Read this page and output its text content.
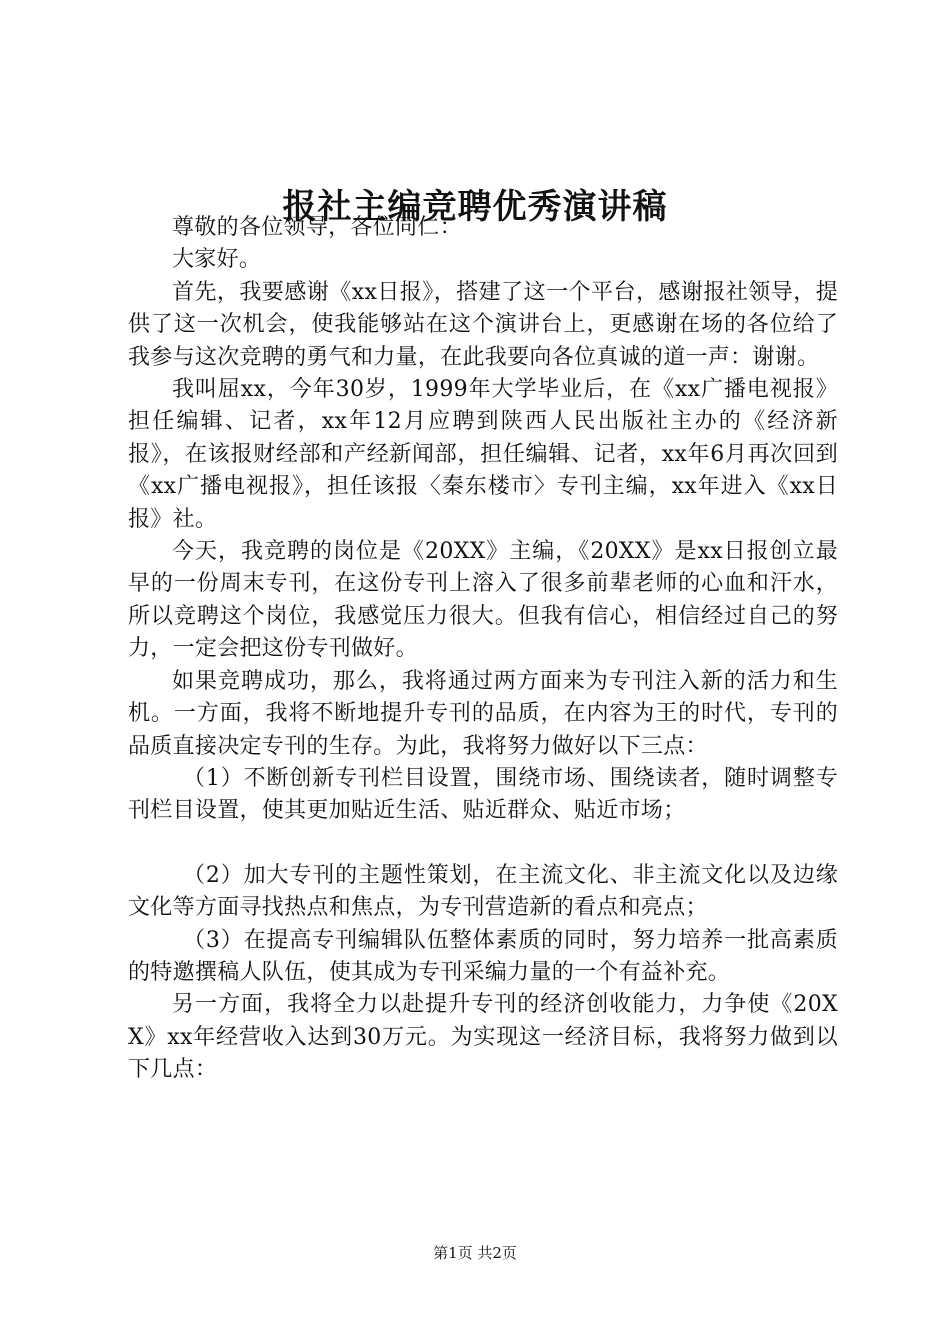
报社主编竞聘优秀演讲稿

尊敬的各位领导，各位同仁：

大家好。

首先，我要感谢《xx日报》，搭建了这一个平台，感谢报社领导，提供了这一次机会，使我能够站在这个演讲台上，更感谢在场的各位给了我参与这次竞聘的勇气和力量，在此我要向各位真诚的道一声：谢谢。

我叫屈xx，今年30岁，1999年大学毕业后，在《xx广播电视报》担任编辑、记者，xx年12月应聘到陕西人民出版社主办的《经济新报》，在该报财经部和产经新闻部，担任编辑、记者，xx年6月再次回到《xx广播电视报》，担任该报〈秦东楼市〉专刊主编，xx年进入《xx日报》社。

今天，我竞聘的岗位是《20XX》主编，《20XX》是xx日报创立最早的一份周末专刊，在这份专刊上溶入了很多前辈老师的心血和汗水，所以竞聘这个岗位，我感觉压力很大。但我有信心，相信经过自己的努力，一定会把这份专刊做好。

如果竞聘成功，那么，我将通过两方面来为专刊注入新的活力和生机。一方面，我将不断地提升专刊的品质，在内容为王的时代，专刊的品质直接决定专刊的生存。为此，我将努力做好以下三点：

（1）不断创新专刊栏目设置，围绕市场、围绕读者，随时调整专刊栏目设置，使其更加贴近生活、贴近群众、贴近市场；

（2）加大专刊的主题性策划，在主流文化、非主流文化以及边缘文化等方面寻找热点和焦点，为专刊营造新的看点和亮点；

（3）在提高专刊编辑队伍整体素质的同时，努力培养一批高素质的特邀撰稿人队伍，使其成为专刊采编力量的一个有益补充。

另一方面，我将全力以赴提升专刊的经济创收能力，力争使《20XX》xx年经营收入达到30万元。为实现这一经济目标，我将努力做到以下几点：

第1页 共2页
